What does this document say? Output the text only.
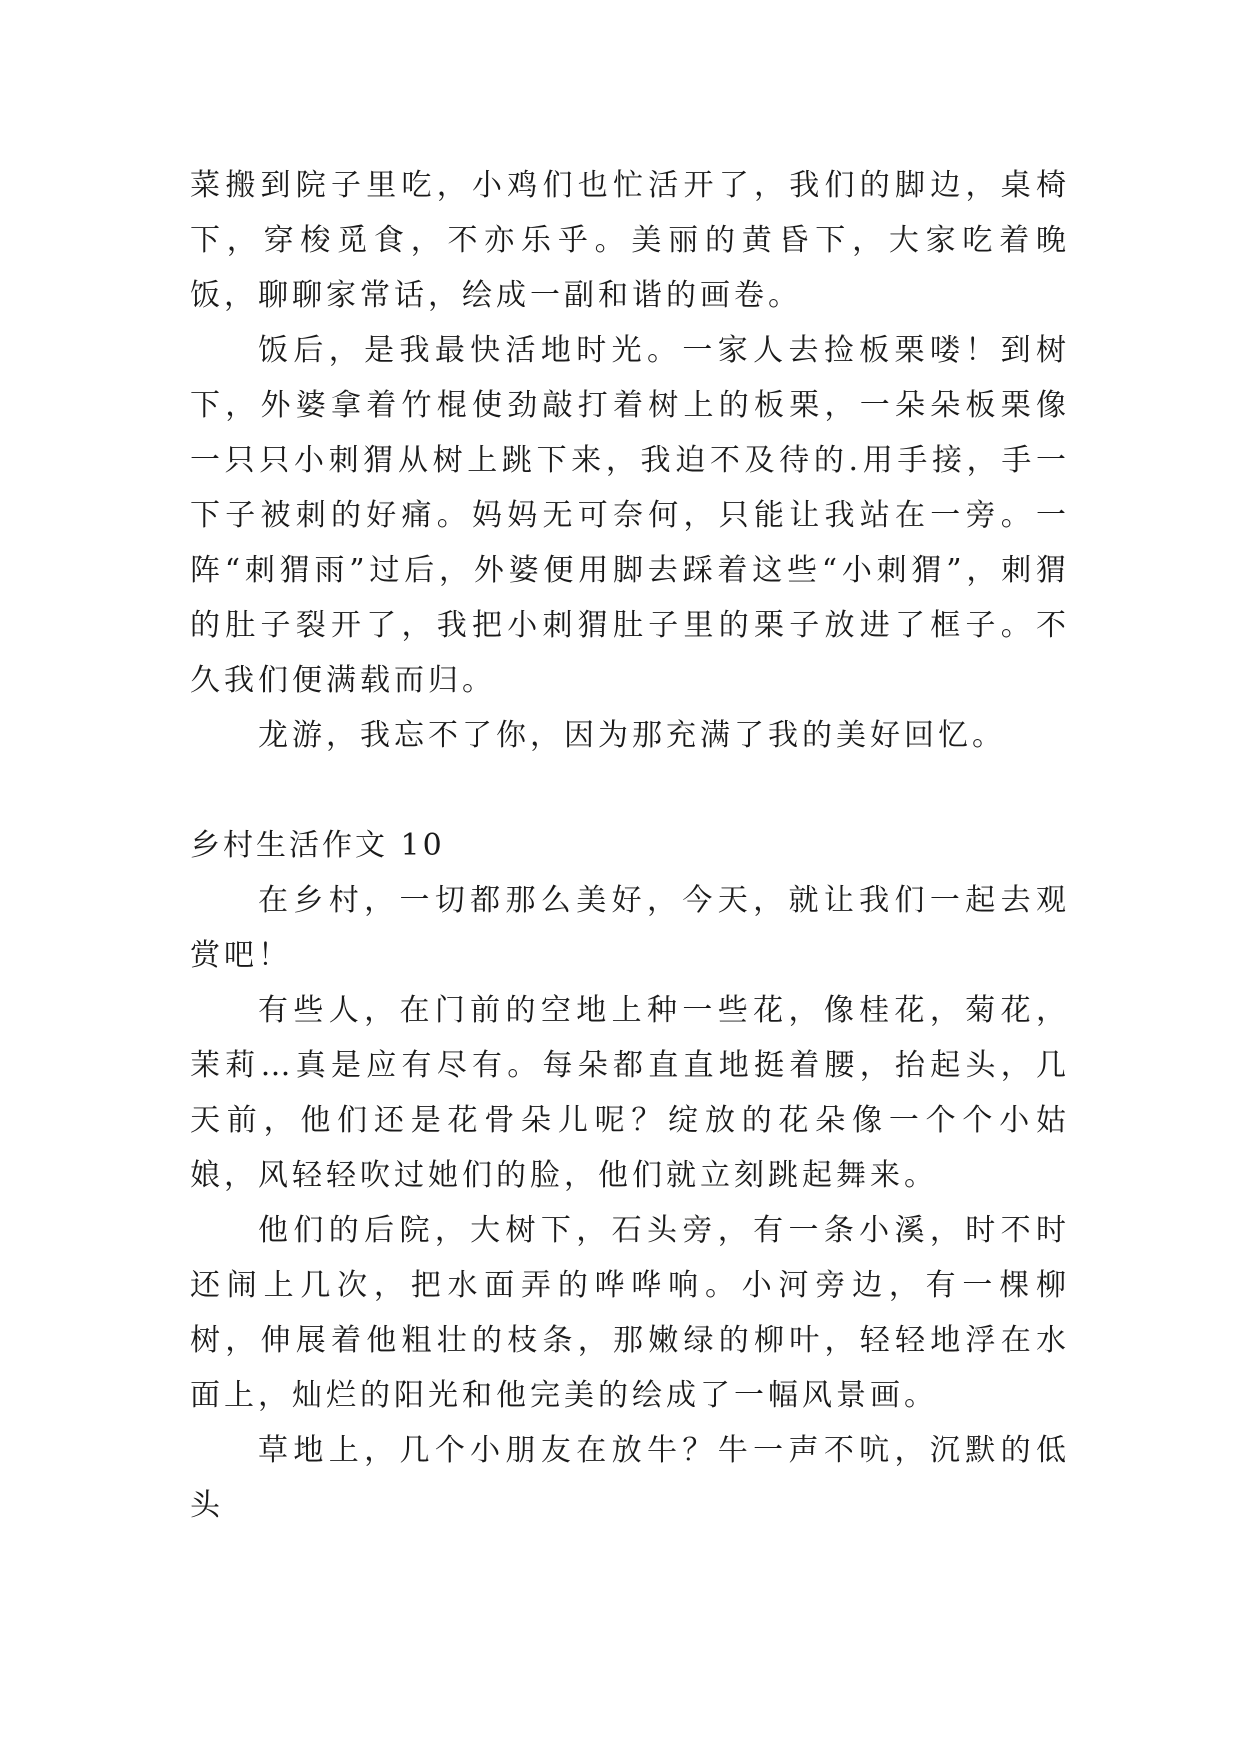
菜搬到院子里吃，小鸡们也忙活开了，我们的脚边，桌椅下，穿梭觅食，不亦乐乎。美丽的黄昏下，大家吃着晚饭，聊聊家常话，绘成一副和谐的画卷。

饭后，是我最快活地时光。一家人去捡板栗喽！到树下，外婆拿着竹棍使劲敲打着树上的板栗，一朵朵板栗像一只只小刺猬从树上跳下来，我迫不及待的.用手接，手一下子被刺的好痛。妈妈无可奈何，只能让我站在一旁。一阵“刺猬雨”过后，外婆便用脚去踩着这些“小刺猬”，刺猬的肚子裂开了，我把小刺猬肚子里的栗子放进了框子。不久我们便满载而归。

龙游，我忘不了你，因为那充满了我的美好回忆。

乡村生活作文 10

在乡村，一切都那么美好，今天，就让我们一起去观赏吧！

有些人，在门前的空地上种一些花，像桂花，菊花，茉莉…真是应有尽有。每朵都直直地挺着腰，抬起头，几天前，他们还是花骨朵儿呢？绽放的花朵像一个个小姑娘，风轻轻吹过她们的脸，他们就立刻跳起舞来。

他们的后院，大树下，石头旁，有一条小溪，时不时还闹上几次，把水面弄的哗哗响。小河旁边，有一棵柳树，伸展着他粗壮的枝条，那嫩绿的柳叶，轻轻地浮在水面上，灿烂的阳光和他完美的绘成了一幅风景画。

草地上，几个小朋友在放牛？牛一声不吭，沉默的低头
